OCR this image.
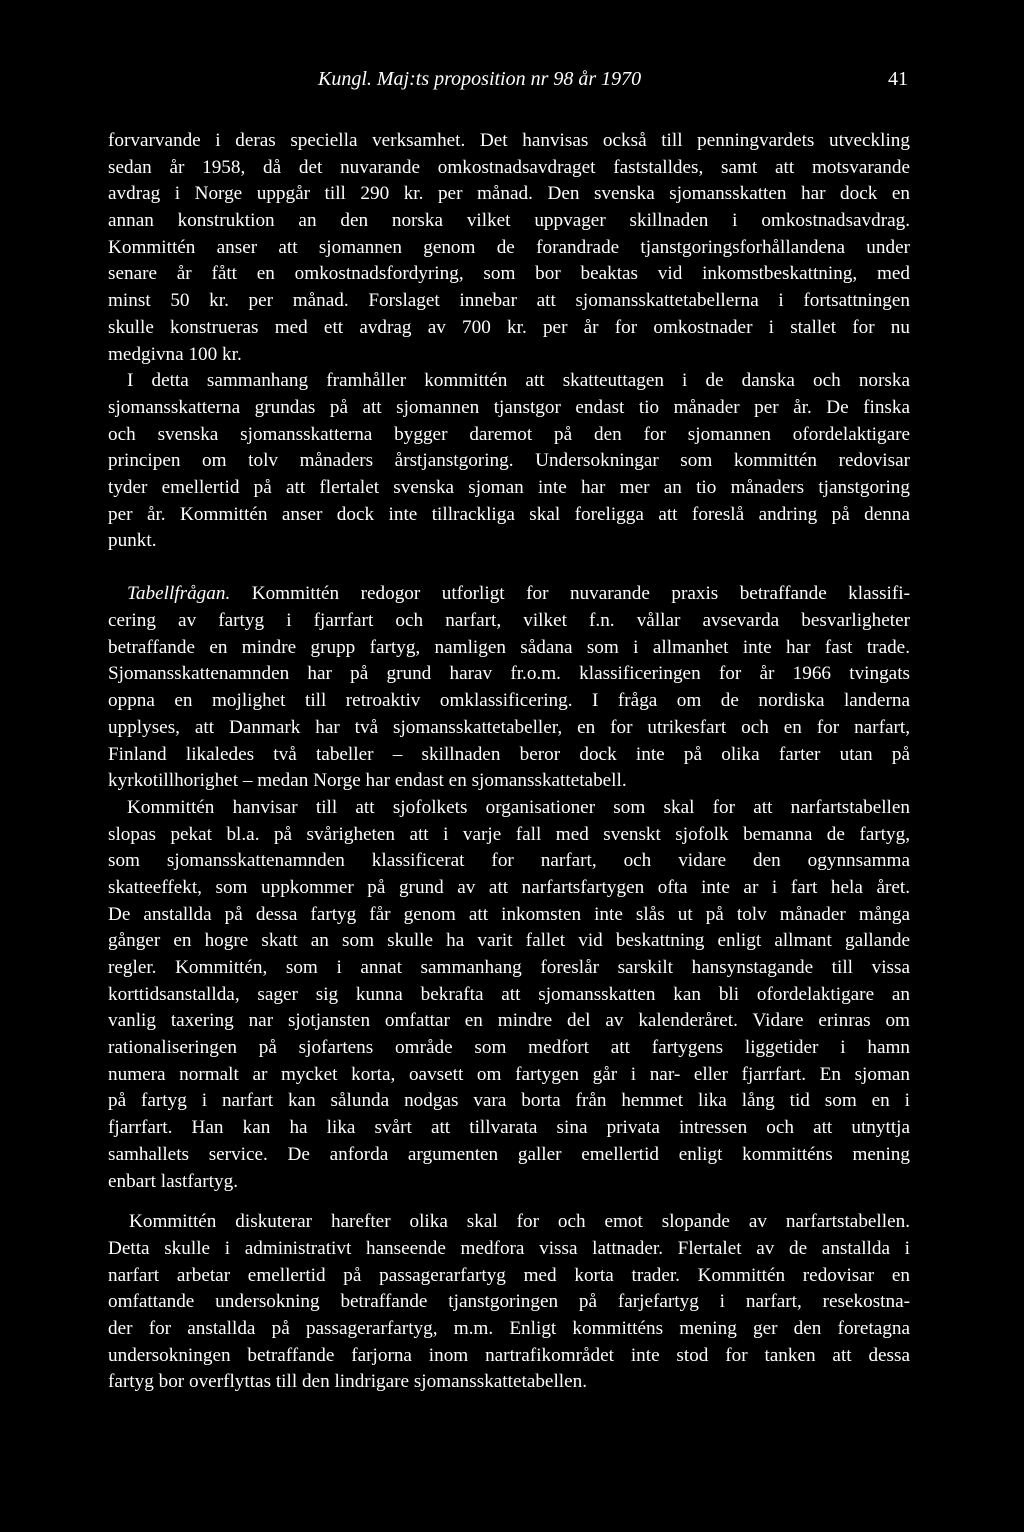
Kungl. Maj:ts proposition nr 98 år 1970	41
forvarvande i deras speciella verksamhet. Det hanvisas också till penningvardets utveckling
sedan år 1958, då det nuvarande omkostnadsavdraget faststalldes, samt att motsvarande
avdrag i Norge uppgår till 290 kr. per månad. Den svenska sjomansskatten har dock en
annan konstruktion an den norska vilket uppvager skillnaden i omkostnadsavdrag.
Kommittén anser att sjomannen genom de forandrade tjanstgoringsforhållandena under
senare år fått en omkostnadsfordyring, som bor beaktas vid inkomstbeskattning, med
minst 50 kr. per månad. Forslaget innebar att sjomansskattetabellerna i fortsattningen
skulle konstrueras med ett avdrag av 700 kr. per år for omkostnader i stallet for nu
medgivna 100 kr.
I detta sammanhang framhåller kommittén att skatteuttagen i de danska och norska
sjomansskatterna grundas på att sjomannen tjanstgor endast tio månader per år. De finska
och svenska sjomansskatterna bygger daremot på den for sjomannen ofordelaktigare
principen om tolv månaders årstjanstgoring. Undersokningar som kommittén redovisar
tyder emellertid på att flertalet svenska sjoman inte har mer an tio månaders tjanstgoring
per år. Kommittén anser dock inte tillrackliga skal foreligga att foreslå andring på denna
punkt.
Tabellfrågan. Kommittén redogor utforligt for nuvarande praxis betraffande klassifi-
cering av fartyg i fjarrfart och narfart, vilket f.n. vållar avsevarda besvarligheter
betraffande en mindre grupp fartyg, namligen sådana som i allmanhet inte har fast trade.
Sjomansskattenamnden har på grund harav fr.o.m. klassificeringen for år 1966 tvingats
oppna en mojlighet till retroaktiv omklassificering. I fråga om de nordiska landerna
upplyses, att Danmark har två sjomansskattetabeller, en for utrikesfart och en for narfart,
Finland likaledes två tabeller – skillnaden beror dock inte på olika farter utan på
kyrkotillhorighet – medan Norge har endast en sjomansskattetabell.
Kommittén hanvisar till att sjofolkets organisationer som skal for att narfartstabellen
slopas pekat bl.a. på svårigheten att i varje fall med svenskt sjofolk bemanna de fartyg,
som sjomansskattenamnden klassificerat for narfart, och vidare den ogynnsamma
skatteeffekt, som uppkommer på grund av att narfartsfartygen ofta inte ar i fart hela året.
De anstallda på dessa fartyg får genom att inkomsten inte slås ut på tolv månader många
gånger en hogre skatt an som skulle ha varit fallet vid beskattning enligt allmant gallande
regler. Kommittén, som i annat sammanhang foreslår sarskilt hansynstagande till vissa
korttidsanstallda, sager sig kunna bekrafta att sjomansskatten kan bli ofordelaktigare an
vanlig taxering nar sjotjansten omfattar en mindre del av kalenderåret. Vidare erinras om
rationaliseringen på sjofartens område som medfort att fartygens liggetider i hamn
numera normalt ar mycket korta, oavsett om fartygen går i nar- eller fjarrfart. En sjoman
på fartyg i narfart kan sålunda nodgas vara borta från hemmet lika lång tid som en i
fjarrfart. Han kan ha lika svårt att tillvarata sina privata intressen och att utnyttja
samhallets service. De anforda argumenten galler emellertid enligt kommitténs mening
enbart lastfartyg.
Kommittén diskuterar harefter olika skal for och emot slopande av narfartstabellen.
Detta skulle i administrativt hanseende medfora vissa lattnader. Flertalet av de anstallda i
narfart arbetar emellertid på passagerarfartyg med korta trader. Kommittén redovisar en
omfattande undersokning betraffande tjanstgoringen på farjefartyg i narfart, resekostna-
der for anstallda på passagerarfartyg, m.m. Enligt kommitténs mening ger den foretagna
undersokningen betraffande farjorna inom nartrafikområdet inte stod for tanken att dessa
fartyg bor overflyttas till den lindrigare sjomansskattetabellen.
